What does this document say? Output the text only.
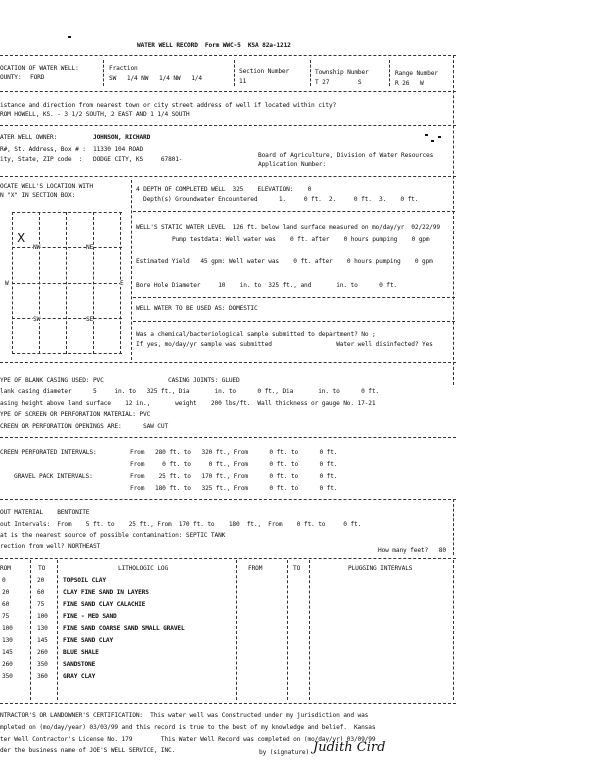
WATER WELL RECORD  Form WWC-5  KSA 82a-1212
OCATION OF WATER WELL:
OUNTY: FORD
Fraction
SW   1/4 NW   1/4 NW   1/4
Section Number
11
Township Number
T 27        S
Range Number
R 26   W
istance and direction from nearest town or city street address of well if located within city?
ROM HOWELL, KS. - 3 1/2 SOUTH, 2 EAST AND 1 1/4 SOUTH
ATER WELL OWNER:	JOHNSON, RICHARD
R#, St. Address, Box # : 11330 104 ROAD
ity, State, ZIP code  : DODGE CITY, KS     67801-
Board of Agriculture, Division of Water Resources
Application Number:
OCATE WELL'S LOCATION WITH
N "X" IN SECTION BOX:
X
NW	NE
SW	SE
W	E
4 DEPTH OF COMPLETED WELL  325    ELEVATION:    0
Depth(s) Groundwater Encountered      1.     0 ft.  2.     0 ft.  3.    0 ft.
WELL'S STATIC WATER LEVEL  126 ft. below land surface measured on mo/day/yr  02/22/99
Pump testdata: Well water was    0 ft. after    0 hours pumping    0 gpm
Estimated Yield   45 gpm: Well water was    0 ft. after    0 hours pumping    0 gpm
Bore Hole Diameter     10    in. to  325 ft., and       in. to      0 ft.
WELL WATER TO BE USED AS: DOMESTIC
Was a chemical/bacteriological sample submitted to department? No ;
If yes, mo/day/yr sample was submitted                  Water well disinfected? Yes
YPE OF BLANK CASING USED: PVC                  CASING JOINTS: GLUED
lank casing diameter      5     in. to   325 ft., Dia       in. to      0 ft., Dia       in. to      0 ft.
asing height above land surface    12 in.,       weight    200 lbs/ft.  Wall thickness or gauge No. 17-21
YPE OF SCREEN OR PERFORATION MATERIAL: PVC
CREEN OR PERFORATION OPENINGS ARE:      SAW CUT
CREEN PERFORATED INTERVALS:	From   280 ft. to   320 ft., From      0 ft. to      0 ft.
From     0 ft. to     0 ft., From      0 ft. to      0 ft.
GRAVEL PACK INTERVALS:	From    25 ft. to   170 ft., From      0 ft. to      0 ft.
From   180 ft. to   325 ft., From      0 ft. to      0 ft.
OUT MATERIAL    BENTONITE
out Intervals:  From    5 ft. to    25 ft., From  170 ft. to    180  ft.,  From    0 ft. to     0 ft.
at is the nearest source of possible contamination: SEPTIC TANK
rection from well? NORTHEAST
How many feet?   80
ROM	TO	LITHOLOGIC LOG	FROM	TO	PLUGGING INTERVALS
0	20	TOPSOIL CLAY
20	60	CLAY FINE SAND IN LAYERS
60	75	FINE SAND CLAY CALACHIE
75	100 FINE - MED SAND
100	130 FINE SAND COARSE SAND SMALL GRAVEL
130	145 FINE SAND CLAY
145	260 BLUE SHALE
260	350 SANDSTONE
350	360 GRAY CLAY
NTRACTOR'S OR LANDOWNER'S CERTIFICATION:  This water well was Constructed under my jurisdiction and was
mpleted on (mo/day/year) 03/03/99 and this record is true to the best of my knowledge and belief.  Kansas
ter Well Contractor's License No. 179        This Water Well Record was completed on (mo/day/yr) 03/09/99
der the business name of JOE'S WELL SERVICE, INC.	by (signature) Judith Cird
